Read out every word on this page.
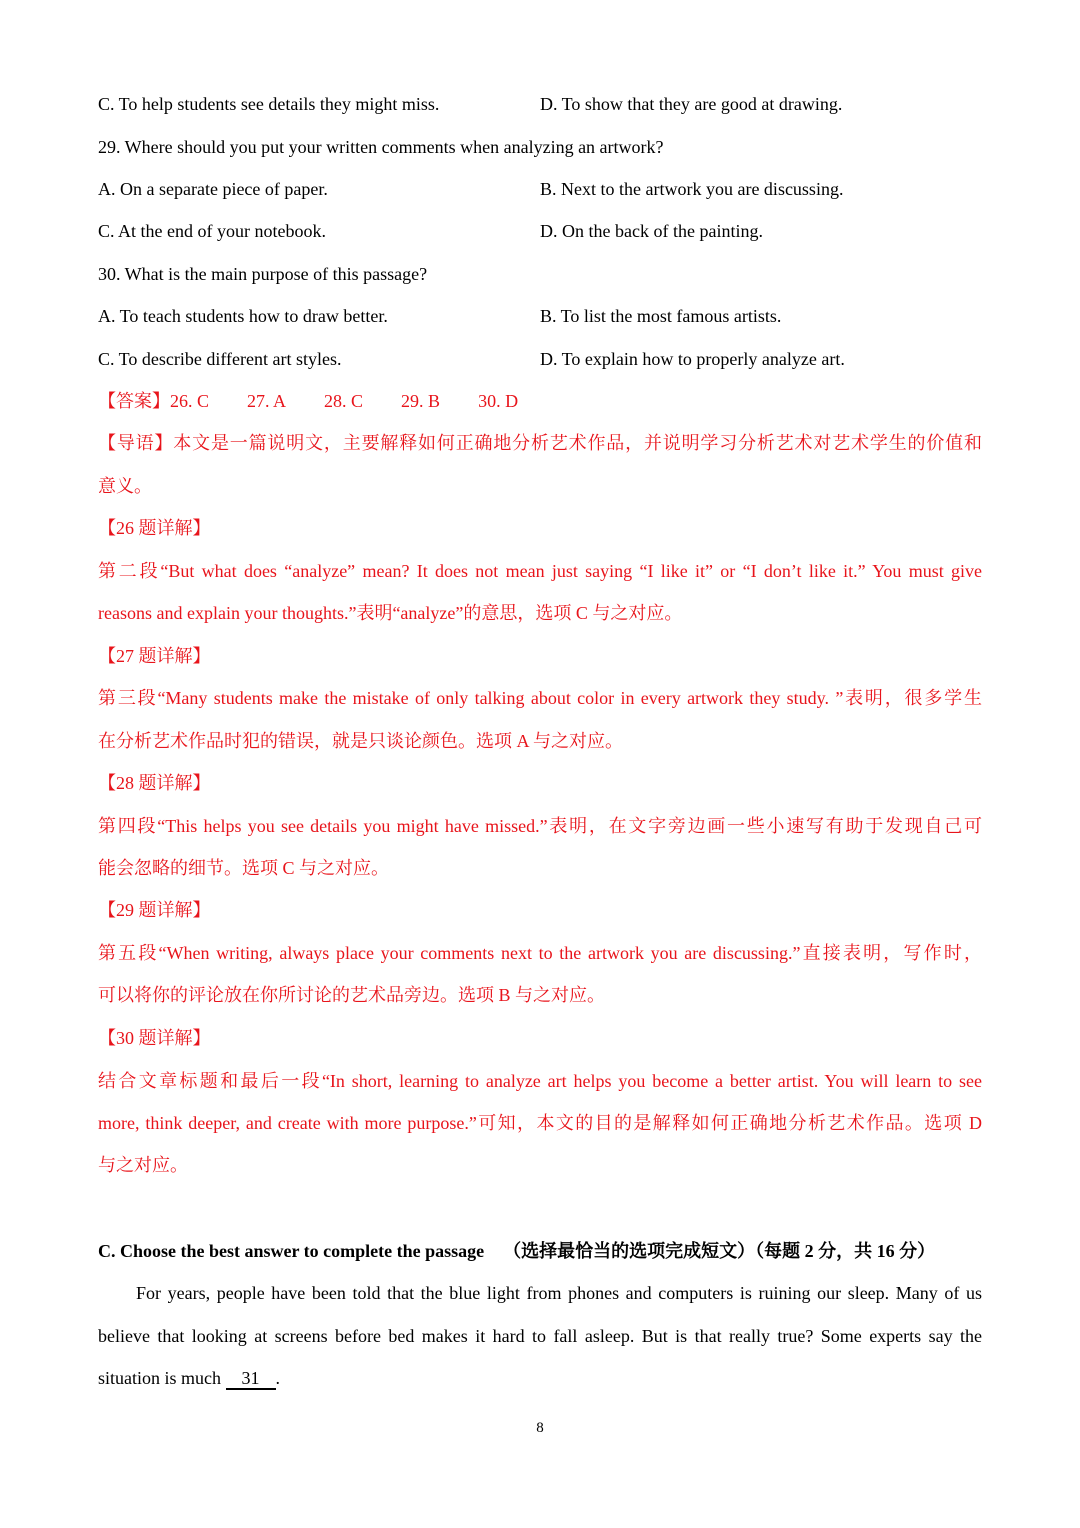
C. To help students see details they might miss.	D. To show that they are good at drawing.
29. Where should you put your written comments when analyzing an artwork?
A. On a separate piece of paper.	B. Next to the artwork you are discussing.
C. At the end of your notebook.	D. On the back of the painting.
30. What is the main purpose of this passage?
A. To teach students how to draw better.	B. To list the most famous artists.
C. To describe different art styles.	D. To explain how to properly analyze art.
【答案】26. C 27. A 28. C 29. B 30. D
【导语】本文是一篇说明文，主要解释如何正确地分析艺术作品，并说明学习分析艺术对艺术学生的价值和
意义。
【26 题详解】
第二段“But what does “analyze” mean? It does not mean just saying “I like it” or “I don’t like it.” You must give
reasons and explain your thoughts.”表明“analyze”的意思，选项 C 与之对应。
【27 题详解】
第三段“Many students make the mistake of only talking about color in every artwork they study. ”表明，很多学生
在分析艺术作品时犯的错误，就是只谈论颜色。选项 A 与之对应。
【28 题详解】
第四段“This helps you see details you might have missed.”表明，在文字旁边画一些小速写有助于发现自己可
能会忽略的细节。选项 C 与之对应。
【29 题详解】
第五段“When writing, always place your comments next to the artwork you are discussing.”直接表明，写作时，
可以将你的评论放在你所讨论的艺术品旁边。选项 B 与之对应。
【30 题详解】
结合文章标题和最后一段“In short, learning to analyze art helps you become a better artist. You will learn to see
more, think deeper, and create with more purpose.”可知，本文的目的是解释如何正确地分析艺术作品。选项 D
与之对应。
C. Choose the best answer to complete the passage （选择最恰当的选项完成短文）（每题 2 分，共 16 分）
For years, people have been told that the blue light from phones and computers is ruining our sleep. Many of us
believe that looking at screens before bed makes it hard to fall asleep. But is that really true? Some experts say the
situation is much 31 .
8
